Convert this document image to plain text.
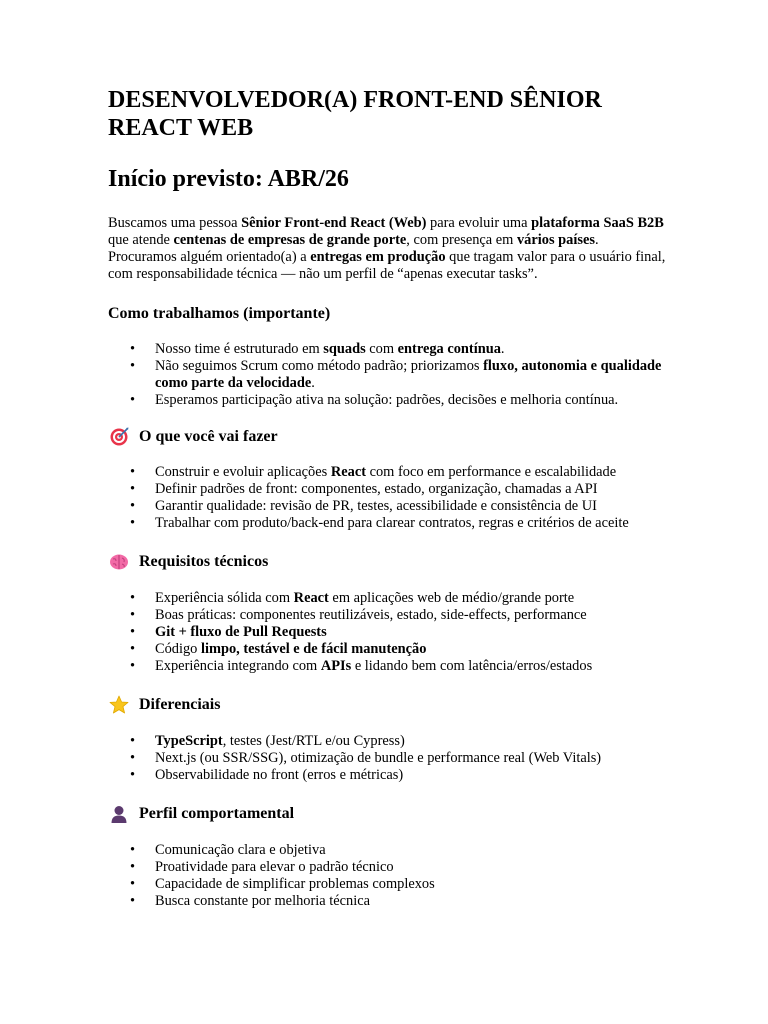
DESENVOLVEDOR(A) FRONT-END SÊNIOR REACT WEB
Início previsto: ABR/26

Buscamos uma pessoa Sênior Front-end React (Web) para evoluir uma plataforma SaaS B2B que atende centenas de empresas de grande porte, com presença em vários países. Procuramos alguém orientado(a) a entregas em produção que tragam valor para o usuário final, com responsabilidade técnica — não um perfil de “apenas executar tasks”.

Como trabalhamos (importante)
• Nosso time é estruturado em squads com entrega contínua.
• Não seguimos Scrum como método padrão; priorizamos fluxo, autonomia e qualidade como parte da velocidade.
• Esperamos participação ativa na solução: padrões, decisões e melhoria contínua.
O que você vai fazer
• Construir e evoluir aplicações React com foco em performance e escalabilidade
• Definir padrões de front: componentes, estado, organização, chamadas a API
• Garantir qualidade: revisão de PR, testes, acessibilidade e consistência de UI
• Trabalhar com produto/back-end para clarear contratos, regras e critérios de aceite
Requisitos técnicos
• Experiência sólida com React em aplicações web de médio/grande porte
• Boas práticas: componentes reutilizáveis, estado, side-effects, performance
• Git + fluxo de Pull Requests
• Código limpo, testável e de fácil manutenção
• Experiência integrando com APIs e lidando bem com latência/erros/estados
Diferenciais
• TypeScript, testes (Jest/RTL e/ou Cypress)
• Next.js (ou SSR/SSG), otimização de bundle e performance real (Web Vitals)
• Observabilidade no front (erros e métricas)
Perfil comportamental
• Comunicação clara e objetiva
• Proatividade para elevar o padrão técnico
• Capacidade de simplificar problemas complexos
• Busca constante por melhoria técnica
